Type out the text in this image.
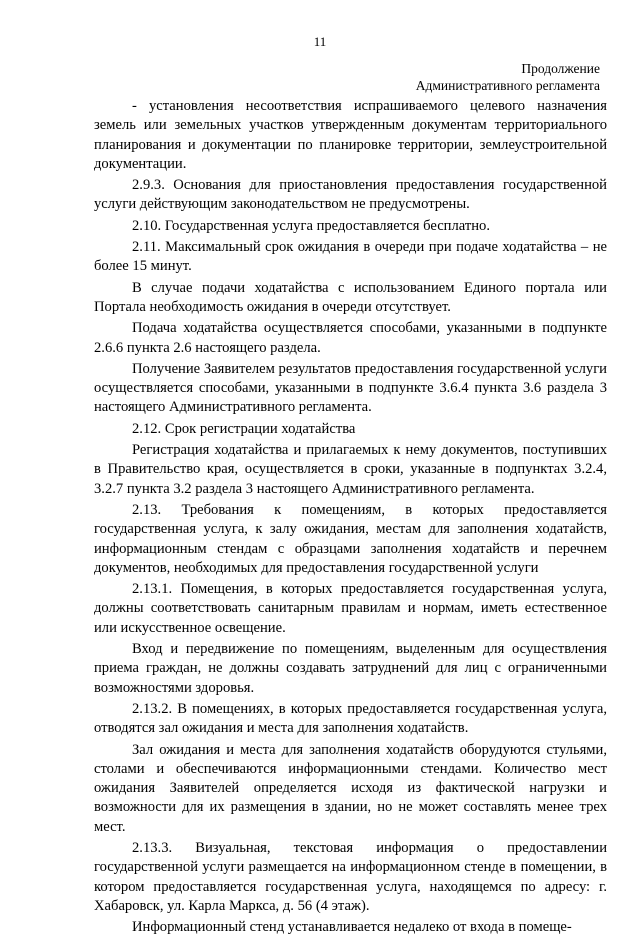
11
Продолжение
Административного регламента

- установления несоответствия испрашиваемого целевого назначения земель или земельных участков утвержденным документам территориального планирования и документации по планировке территории, землеустроительной документации.

2.9.3. Основания для приостановления предоставления государственной услуги действующим законодательством не предусмотрены.

2.10. Государственная услуга предоставляется бесплатно.

2.11. Максимальный срок ожидания в очереди при подаче ходатайства – не более 15 минут.

В случае подачи ходатайства с использованием Единого портала или Портала необходимость ожидания в очереди отсутствует.

Подача ходатайства осуществляется способами, указанными в подпункте 2.6.6 пункта 2.6 настоящего раздела.

Получение Заявителем результатов предоставления государственной услуги осуществляется способами, указанными в подпункте 3.6.4 пункта 3.6 раздела 3 настоящего Административного регламента.

2.12. Срок регистрации ходатайства

Регистрация ходатайства и прилагаемых к нему документов, поступивших в Правительство края, осуществляется в сроки, указанные в подпунктах 3.2.4, 3.2.7 пункта 3.2 раздела 3 настоящего Административного регламента.

2.13. Требования к помещениям, в которых предоставляется государственная услуга, к залу ожидания, местам для заполнения ходатайств, информационным стендам с образцами заполнения ходатайств и перечнем документов, необходимых для предоставления государственной услуги

2.13.1. Помещения, в которых предоставляется государственная услуга, должны соответствовать санитарным правилам и нормам, иметь естественное или искусственное освещение.

Вход и передвижение по помещениям, выделенным для осуществления приема граждан, не должны создавать затруднений для лиц с ограниченными возможностями здоровья.

2.13.2. В помещениях, в которых предоставляется государственная услуга, отводятся зал ожидания и места для заполнения ходатайств.

Зал ожидания и места для заполнения ходатайств оборудуются стульями, столами и обеспечиваются информационными стендами. Количество мест ожидания Заявителей определяется исходя из фактической нагрузки и возможности для их размещения в здании, но не может составлять менее трех мест.

2.13.3. Визуальная, текстовая информация о предоставлении государственной услуги размещается на информационном стенде в помещении, в котором предоставляется государственная услуга, находящемся по адресу: г. Хабаровск, ул. Карла Маркса, д. 56 (4 этаж).

Информационный стенд устанавливается недалеко от входа в помеще-
